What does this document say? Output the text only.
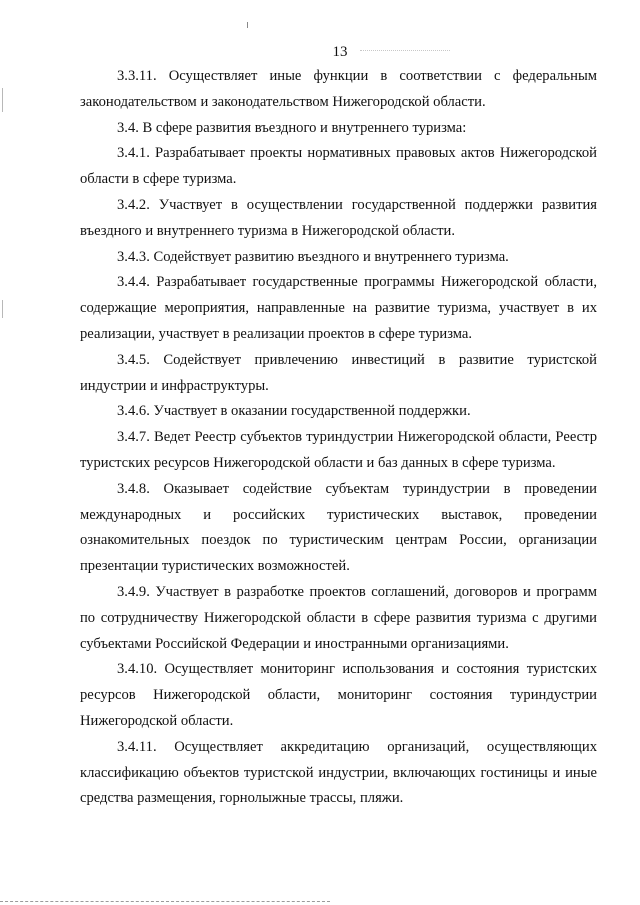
13

3.3.11. Осуществляет иные функции в соответствии с федеральным законодательством и законодательством Нижегородской области.

3.4. В сфере развития въездного и внутреннего туризма:

3.4.1. Разрабатывает проекты нормативных правовых актов Нижегородской области в сфере туризма.

3.4.2. Участвует в осуществлении государственной поддержки развития въездного и внутреннего туризма в Нижегородской области.

3.4.3. Содействует развитию въездного и внутреннего туризма.

3.4.4. Разрабатывает государственные программы Нижегородской области, содержащие мероприятия, направленные на развитие туризма, участвует в их реализации, участвует в реализации проектов в сфере туризма.

3.4.5. Содействует привлечению инвестиций в развитие туристской индустрии и инфраструктуры.

3.4.6. Участвует в оказании государственной поддержки.

3.4.7. Ведет Реестр субъектов туриндустрии Нижегородской области, Реестр туристских ресурсов Нижегородской области и баз данных в сфере туризма.

3.4.8. Оказывает содействие субъектам туриндустрии в проведении международных и российских туристических выставок, проведении ознакомительных поездок по туристическим центрам России, организации презентации туристических возможностей.

3.4.9. Участвует в разработке проектов соглашений, договоров и программ по сотрудничеству Нижегородской области в сфере развития туризма с другими субъектами Российской Федерации и иностранными организациями.

3.4.10. Осуществляет мониторинг использования и состояния туристских ресурсов Нижегородской области, мониторинг состояния туриндустрии Нижегородской области.

3.4.11. Осуществляет аккредитацию организаций, осуществляющих классификацию объектов туристской индустрии, включающих гостиницы и иные средства размещения, горнолыжные трассы, пляжи.
